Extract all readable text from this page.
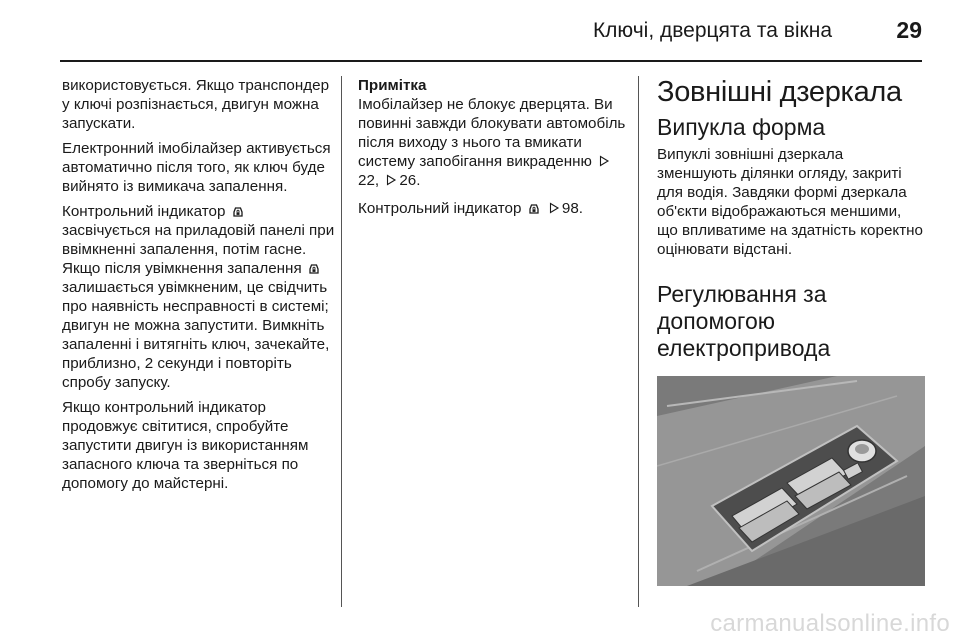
Ключі, дверцята та вікна	29

використовується. Якщо транспондер у ключі розпізнається, двигун можна запускати.

Електронний імобілайзер активується автоматично після того, як ключ буде вийнято із вимикача запалення.

Контрольний індикатор  засвічується на приладовій панелі при ввімкненні запалення, потім гасне. Якщо після увімкнення запалення  залишається увімкненим, це свідчить про наявність несправності в системі; двигун не можна запустити. Вимкніть запаленні і витягніть ключ, зачекайте, приблизно, 2 секунди і повторіть спробу запуску.

Якщо контрольний індикатор продовжує світитися, спробуйте запустити двигун із використанням запасного ключа та зверніться по допомогу до майстерні.

Примітка
Імобілайзер не блокує дверцята. Ви повинні завжди блокувати автомобіль після виходу з нього та вмикати систему запобігання викраденню 22, 26.

Контрольний індикатор	98.

Зовнішні дзеркала
Випукла форма

Випуклі зовнішні дзеркала зменшують ділянки огляду, закриті для водія. Завдяки формі дзеркала об'єкти відображаються меншими, що впливатиме на здатність коректно оцінювати відстані.

Регулювання за допомогою електропривода
carmanualsonline.info
